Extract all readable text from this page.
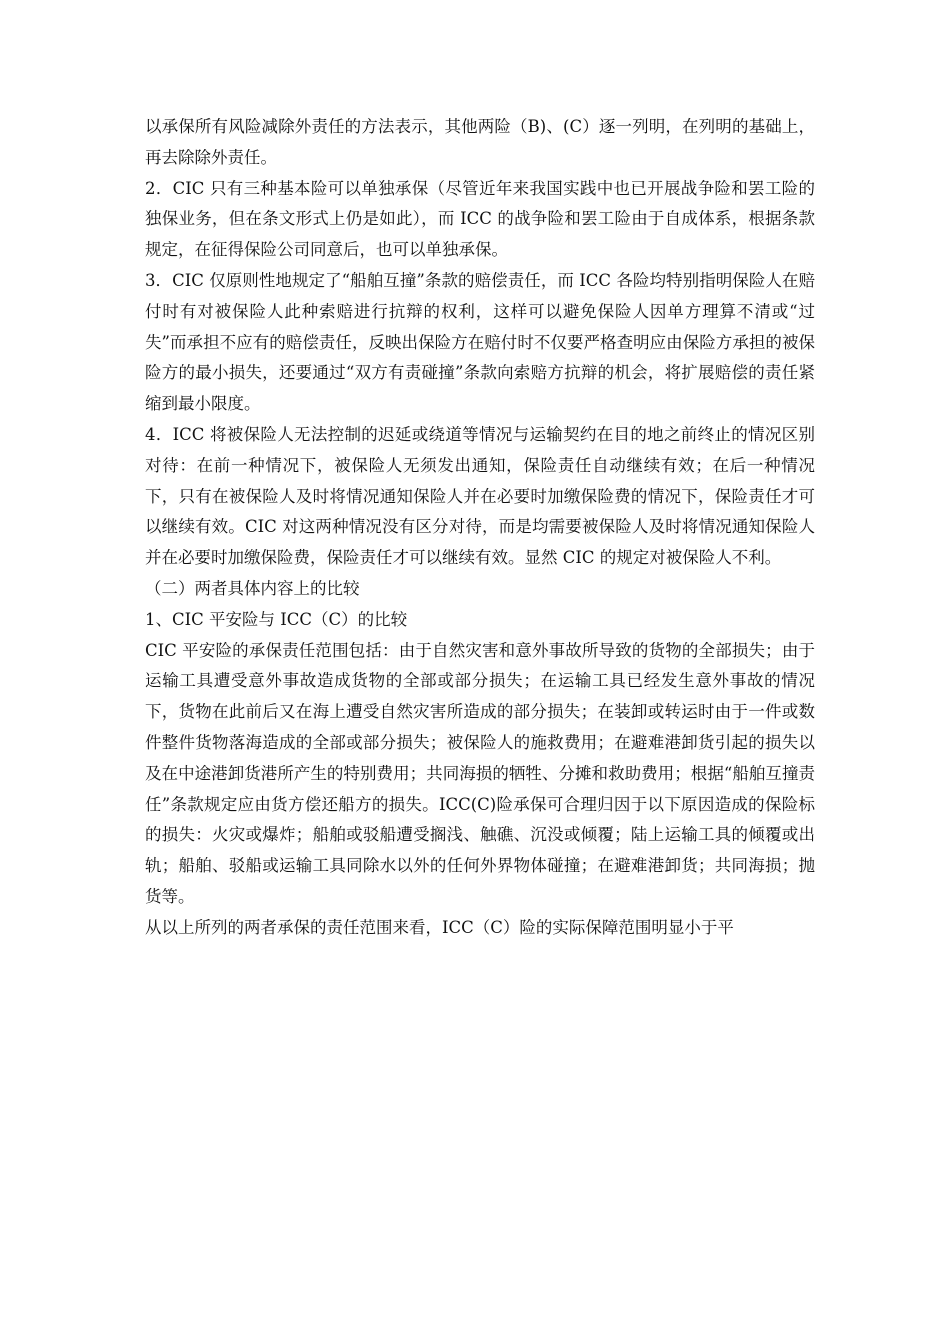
以承保所有风险减除外责任的方法表示，其他两险（B)、(C）逐一列明，在列明的基础上，再去除除外责任。

2．CIC 只有三种基本险可以单独承保（尽管近年来我国实践中也已开展战争险和罢工险的独保业务，但在条文形式上仍是如此），而 ICC 的战争险和罢工险由于自成体系，根据条款规定，在征得保险公司同意后，也可以单独承保。

3．CIC 仅原则性地规定了“船舶互撞”条款的赔偿责任，而 ICC 各险均特别指明保险人在赔付时有对被保险人此种索赔进行抗辩的权利，这样可以避免保险人因单方理算不清或“过失”而承担不应有的赔偿责任，反映出保险方在赔付时不仅要严格查明应由保险方承担的被保险方的最小损失，还要通过“双方有责碰撞”条款向索赔方抗辩的机会，将扩展赔偿的责任紧缩到最小限度。

4．ICC 将被保险人无法控制的迟延或绕道等情况与运输契约在目的地之前终止的情况区别对待：在前一种情况下，被保险人无须发出通知，保险责任自动继续有效；在后一种情况下，只有在被保险人及时将情况通知保险人并在必要时加缴保险费的情况下，保险责任才可以继续有效。CIC 对这两种情况没有区分对待，而是均需要被保险人及时将情况通知保险人并在必要时加缴保险费，保险责任才可以继续有效。显然 CIC 的规定对被保险人不利。

（二）两者具体内容上的比较

1、CIC 平安险与 ICC（C）的比较

CIC 平安险的承保责任范围包括：由于自然灾害和意外事故所导致的货物的全部损失；由于运输工具遭受意外事故造成货物的全部或部分损失；在运输工具已经发生意外事故的情况下，货物在此前后又在海上遭受自然灾害所造成的部分损失；在装卸或转运时由于一件或数件整件货物落海造成的全部或部分损失；被保险人的施救费用；在避难港卸货引起的损失以及在中途港卸货港所产生的特别费用；共同海损的牺牲、分摊和救助费用；根据“船舶互撞责任”条款规定应由货方偿还船方的损失。ICC(C)险承保可合理归因于以下原因造成的保险标的损失：火灾或爆炸；船舶或驳船遭受搁浅、触礁、沉没或倾覆；陆上运输工具的倾覆或出轨；船舶、驳船或运输工具同除水以外的任何外界物体碰撞；在避难港卸货；共同海损；抛货等。

从以上所列的两者承保的责任范围来看，ICC（C）险的实际保障范围明显小于平
